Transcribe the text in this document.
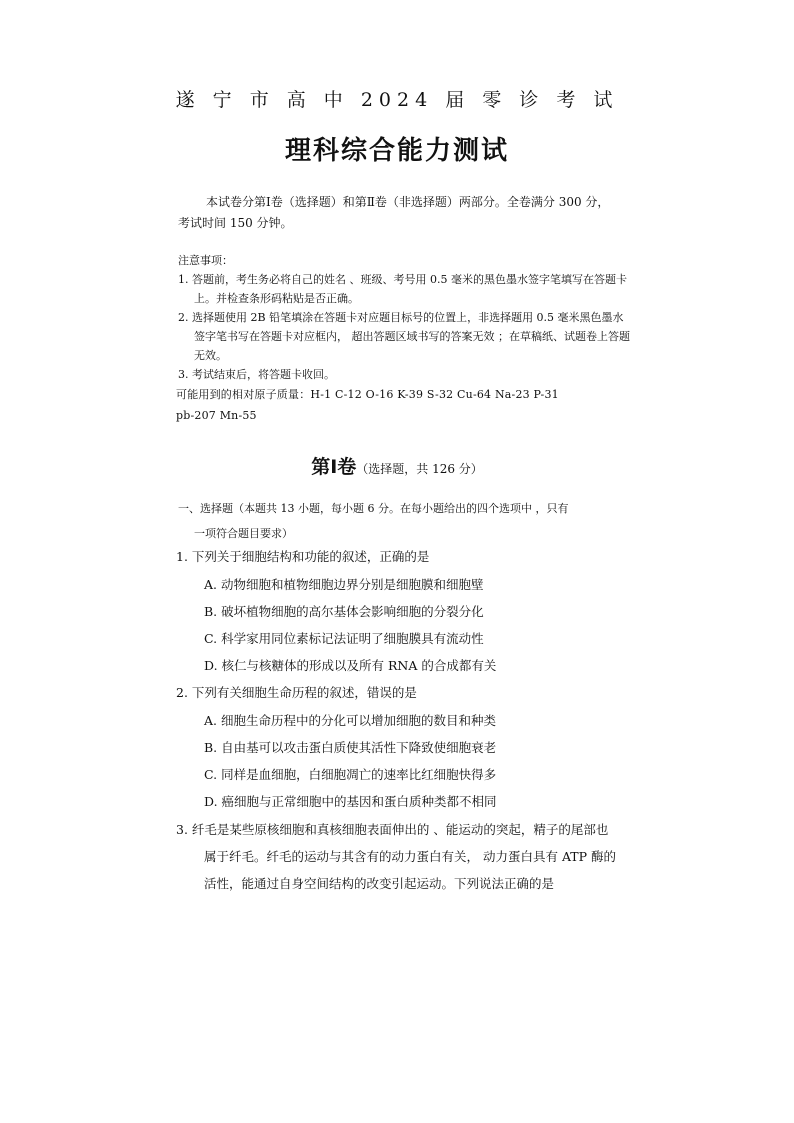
遂 宁 市 高 中 2024 届 零 诊 考 试
理科综合能力测试
本试卷分第Ⅰ卷（选择题）和第Ⅱ卷（非选择题）两部分。全卷满分 300 分，考试时间 150 分钟。
注意事项：
1. 答题前，考生务必将自己的姓名 、班级、考号用 0.5 毫米的黑色墨水签字笔填写在答题卡
上。并检查条形码粘贴是否正确。
2. 选择题使用 2B 铅笔填涂在答题卡对应题目标号的位置上，非选择题用 0.5 毫米黑色墨水
签字笔书写在答题卡对应框内， 超出答题区域书写的答案无效 ；在草稿纸、试题卷上答题
无效。
3. 考试结束后，将答题卡收回。
可能用到的相对原子质量：H-1 C-12 O-16 K-39 S-32 Cu-64 Na-23 P-31
pb-207 Mn-55
第Ⅰ卷（选择题，共 126 分）
一、选择题（本题共 13 小题，每小题 6 分。在每小题给出的四个选项中 ，只有
一项符合题目要求）
1. 下列关于细胞结构和功能的叙述，正确的是
A. 动物细胞和植物细胞边界分别是细胞膜和细胞壁
B. 破坏植物细胞的高尔基体会影响细胞的分裂分化
C. 科学家用同位素标记法证明了细胞膜具有流动性
D. 核仁与核糖体的形成以及所有 RNA 的合成都有关
2. 下列有关细胞生命历程的叙述，错误的是
A. 细胞生命历程中的分化可以增加细胞的数目和种类
B. 自由基可以攻击蛋白质使其活性下降致使细胞衰老
C. 同样是血细胞，白细胞凋亡的速率比红细胞快得多
D. 癌细胞与正常细胞中的基因和蛋白质种类都不相同
3. 纤毛是某些原核细胞和真核细胞表面伸出的 、能运动的突起，精子的尾部也
属于纤毛。纤毛的运动与其含有的动力蛋白有关， 动力蛋白具有 ATP 酶的
活性，能通过自身空间结构的改变引起运动。下列说法正确的是
